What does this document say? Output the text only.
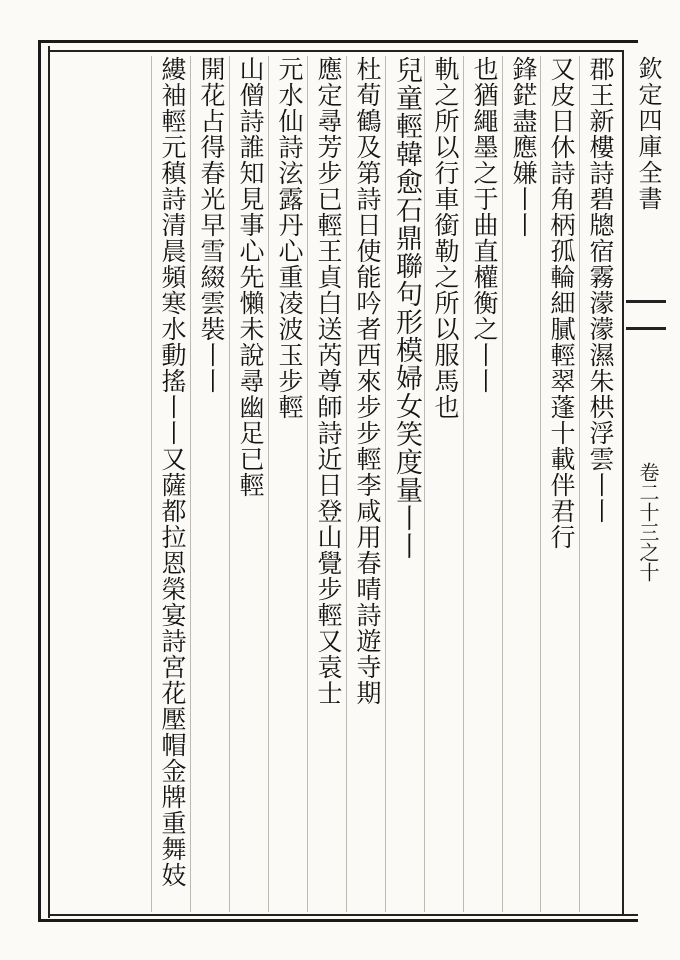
欽定四庫全書卷二十三之十
郡王新樓詩碧牕宿霧濛濛濕朱栱浮雲丨丨
又皮日休詩角柄孤輪細膩輕翠蓬十載伴君行
鋒鋩盡應嫌丨丨
也猶繩墨之于曲直權衡之丨丨
軌之所以行車銜勒之所以服馬也
兒童輕韓愈石鼎聯句形模婦女笑度量丨丨
杜荀鶴及第詩日使能吟者西來步步輕李咸用春晴詩遊寺期
應定尋芳步已輕王貞白送芮尊師詩近日登山覺步輕又袁士
元水仙詩泫露丹心重凌波玉步輕
山僧詩誰知見事心先懶未說尋幽足已輕
開花占得春光早雪綴雲裝丨丨
縷袖輕元稹詩清晨頻寒水動搖丨丨又薩都拉恩榮宴詩宮花壓帽金牌重舞妓
